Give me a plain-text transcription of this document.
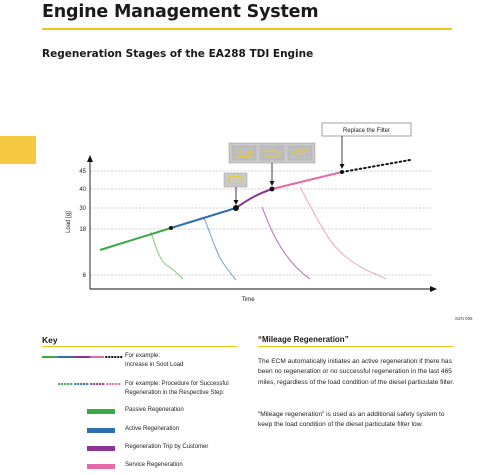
Engine Management System
Regeneration Stages of the EA288 TDI Engine
45
40
30
18
6
Load [g]
Time
Replace the Filter
S2N 098
Key
For example:
Increase in Soot Load
For example: Procedure for Successful
Regeneration in the Respective Step:
Passive Regeneration
Active Regeneration
Regeneration Trip by Customer
Service Regeneration
“Mileage Regeneration”

The ECM automatically initiates an active regeneration if there has been no regeneration or no successful regeneration in the last 465 miles, regardless of the load condition of the diesel particulate filter.

“Mileage regeneration” is used as an additional safety system to keep the load condition of the diesel particulate filter low.
